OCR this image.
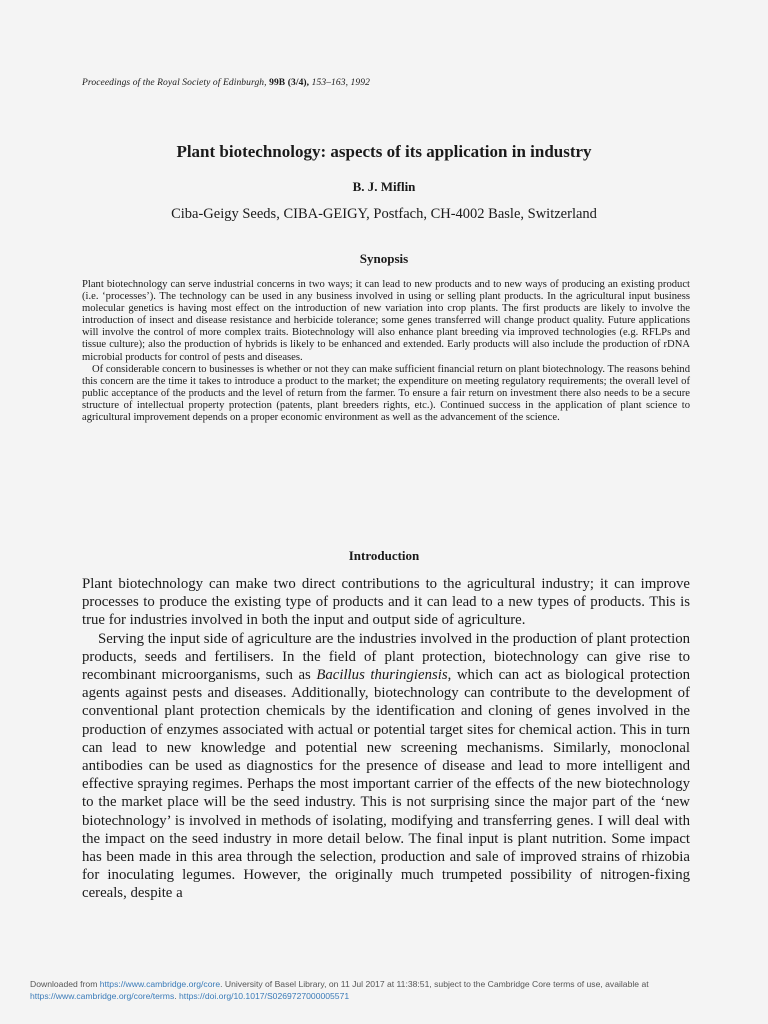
Proceedings of the Royal Society of Edinburgh, 99B (3/4), 153–163, 1992
Plant biotechnology: aspects of its application in industry
B. J. Miflin
Ciba-Geigy Seeds, CIBA-GEIGY, Postfach, CH-4002 Basle, Switzerland
Synopsis

Plant biotechnology can serve industrial concerns in two ways; it can lead to new products and to new ways of producing an existing product (i.e. ‘processes’). The technology can be used in any business involved in using or selling plant products. In the agricultural input business molecular genetics is having most effect on the introduction of new variation into crop plants. The first products are likely to involve the introduction of insect and disease resistance and herbicide tolerance; some genes transferred will change product quality. Future applications will involve the control of more complex traits. Biotechnology will also enhance plant breeding via improved technologies (e.g. RFLPs and tissue culture); also the production of hybrids is likely to be enhanced and extended. Early products will also include the production of rDNA microbial products for control of pests and diseases.

Of considerable concern to businesses is whether or not they can make sufficient financial return on plant biotechnology. The reasons behind this concern are the time it takes to introduce a product to the market; the expenditure on meeting regulatory requirements; the overall level of public acceptance of the products and the level of return from the farmer. To ensure a fair return on investment there also needs to be a secure structure of intellectual property protection (patents, plant breeders rights, etc.). Continued success in the application of plant science to agricultural improvement depends on a proper economic environment as well as the advancement of the science.

Introduction

Plant biotechnology can make two direct contributions to the agricultural industry; it can improve processes to produce the existing type of products and it can lead to a new types of products. This is true for industries involved in both the input and output side of agriculture.

Serving the input side of agriculture are the industries involved in the production of plant protection products, seeds and fertilisers. In the field of plant protection, biotechnology can give rise to recombinant microorganisms, such as Bacillus thuringiensis, which can act as biological protection agents against pests and diseases. Additionally, biotechnology can contribute to the development of conventional plant protection chemicals by the identification and cloning of genes involved in the production of enzymes associated with actual or potential target sites for chemical action. This in turn can lead to new knowledge and potential new screening mechanisms. Similarly, monoclonal antibodies can be used as diagnostics for the presence of disease and lead to more intelligent and effective spraying regimes. Perhaps the most important carrier of the effects of the new biotechnology to the market place will be the seed industry. This is not surprising since the major part of the ‘new biotechnology’ is involved in methods of isolating, modifying and transferring genes. I will deal with the impact on the seed industry in more detail below. The final input is plant nutrition. Some impact has been made in this area through the selection, production and sale of improved strains of rhizobia for inoculating legumes. However, the originally much trumpeted possibility of nitrogen-fixing cereals, despite a

Downloaded from https://www.cambridge.org/core. University of Basel Library, on 11 Jul 2017 at 11:38:51, subject to the Cambridge Core terms of use, available at https://www.cambridge.org/core/terms. https://doi.org/10.1017/S0269727000005571
